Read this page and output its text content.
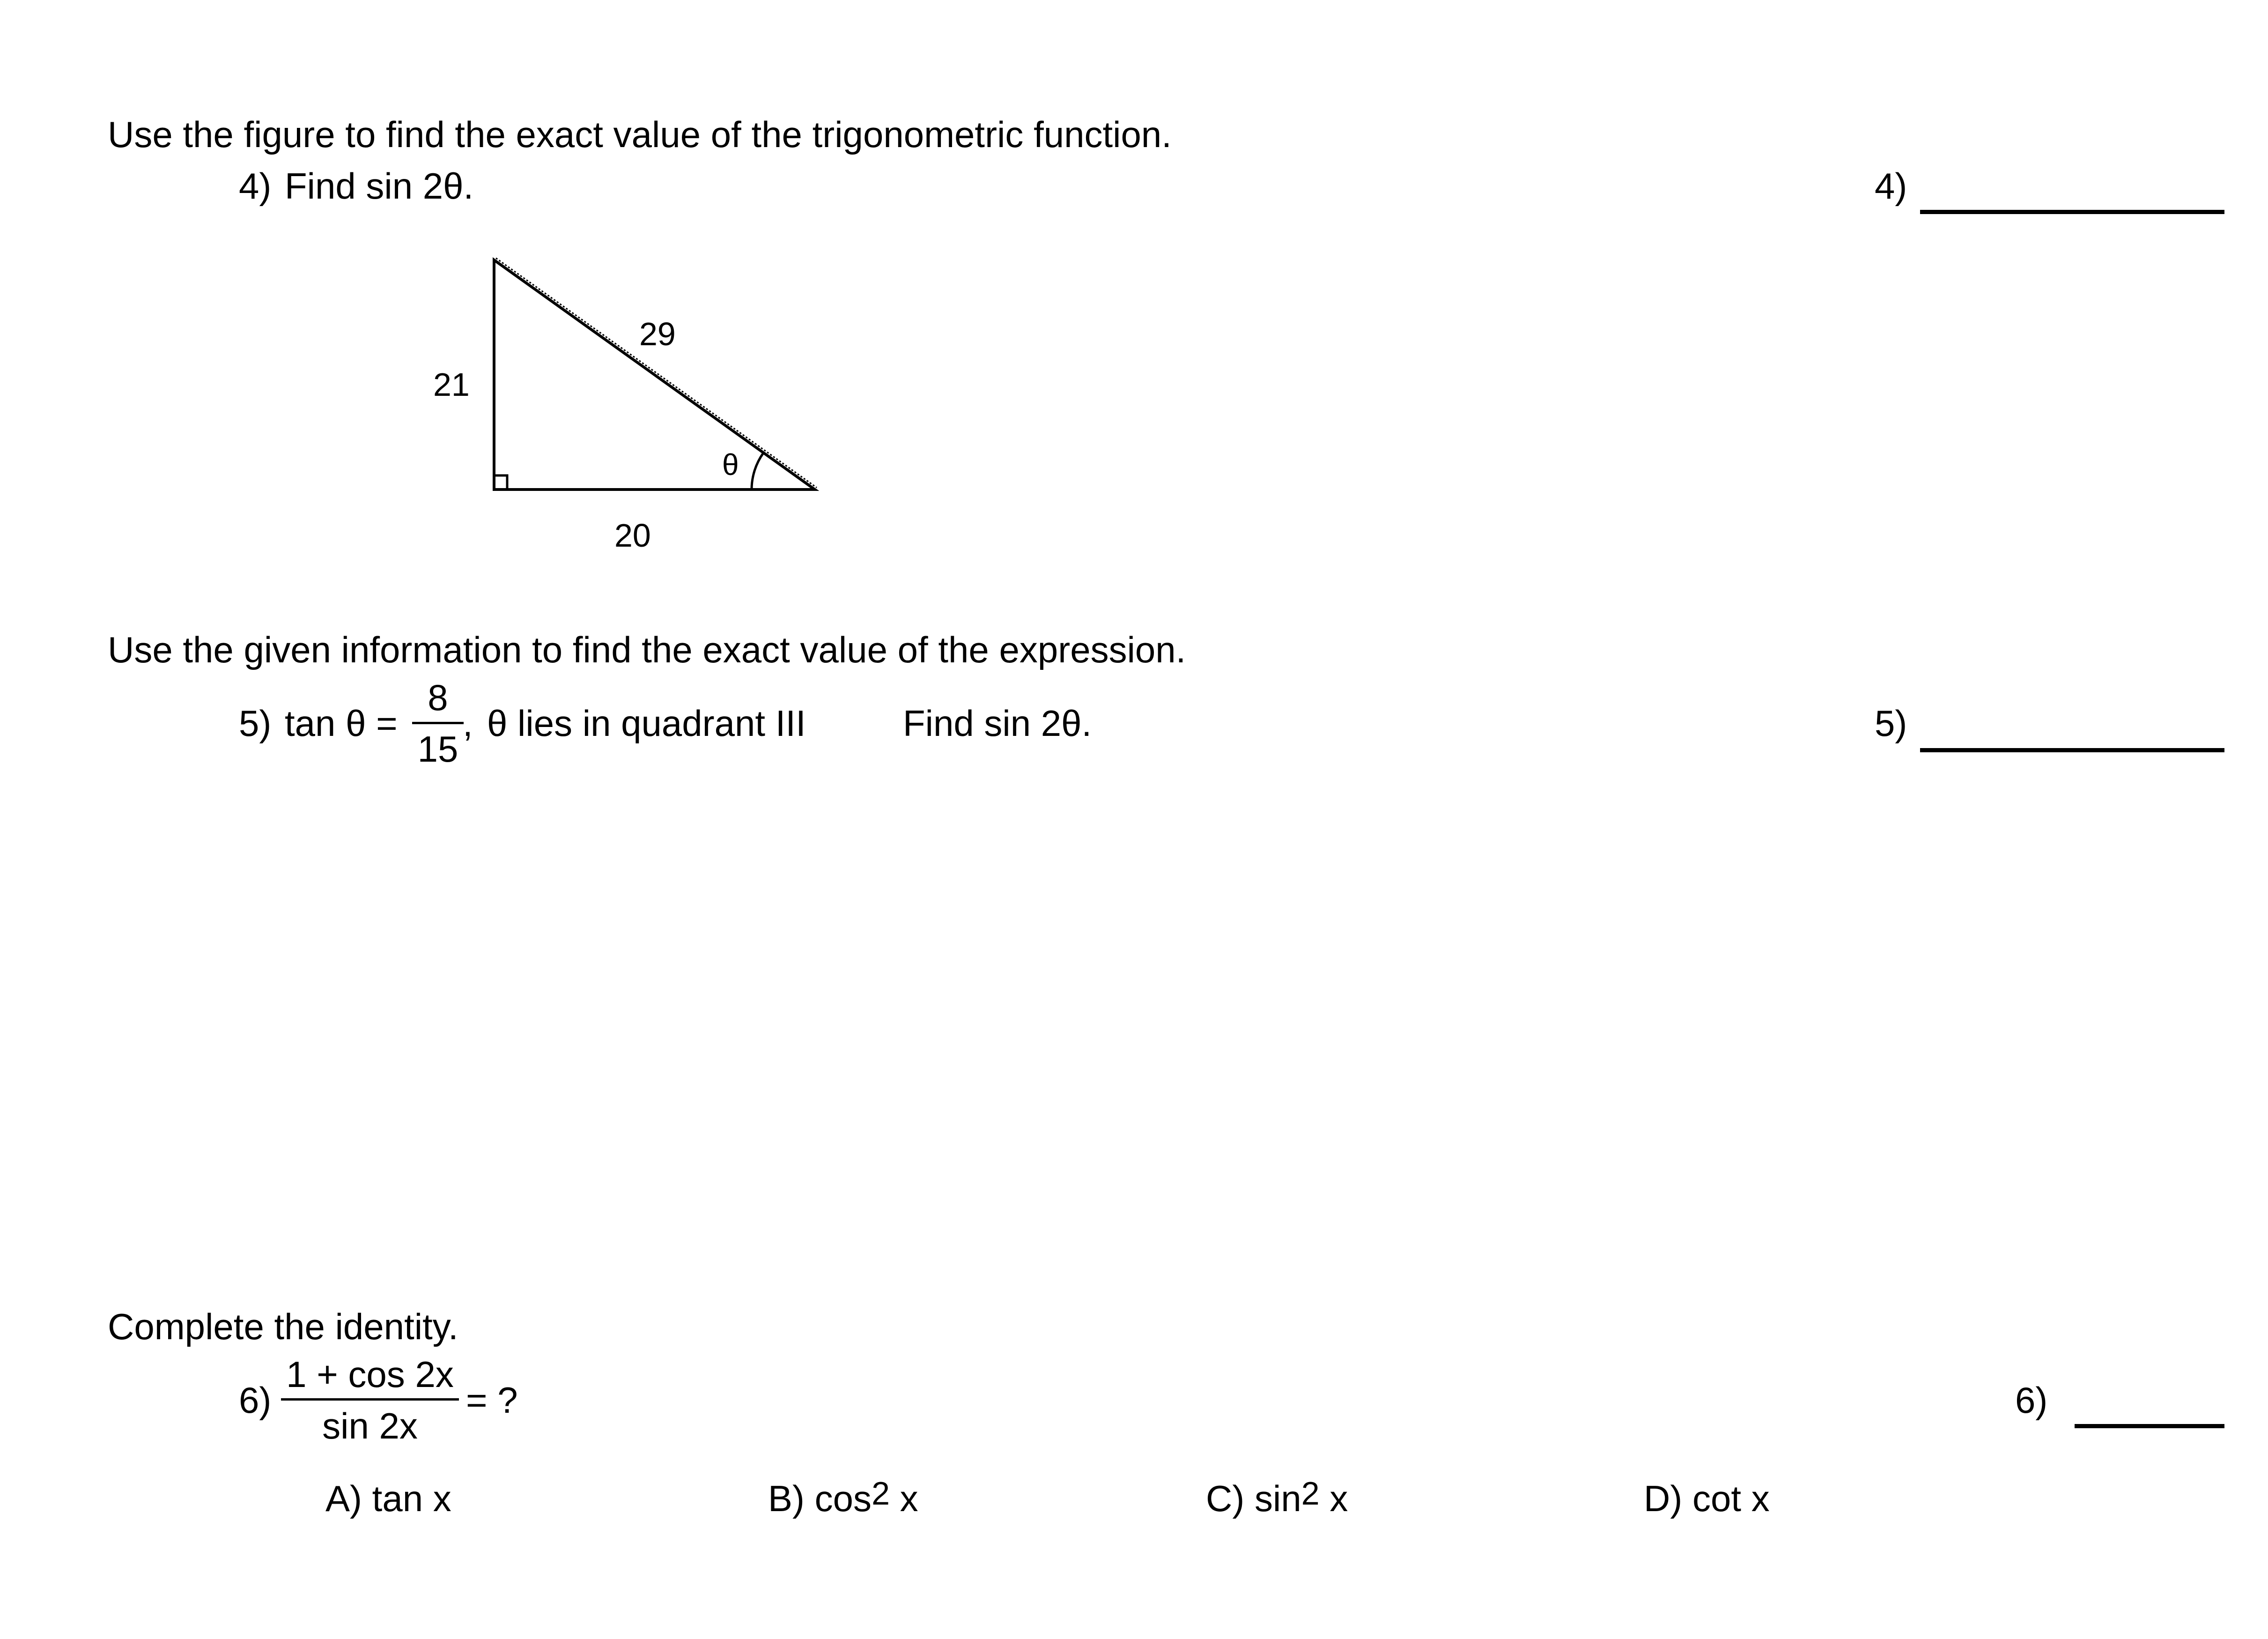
Use the figure to find the exact value of the trigonometric function.
4) Find sin 2θ.	4)
29
21
20
θ
Use the given information to find the exact value of the expression.
5) tan θ =
8
15
, θ lies in quadrant III	Find sin 2θ.	5)
Complete the identity.
6)
1 + cos 2x
sin 2x
= ?	6)
A) tan x	B) $\cos^2 x$	C) $\sin^2 x$	D) cot x
